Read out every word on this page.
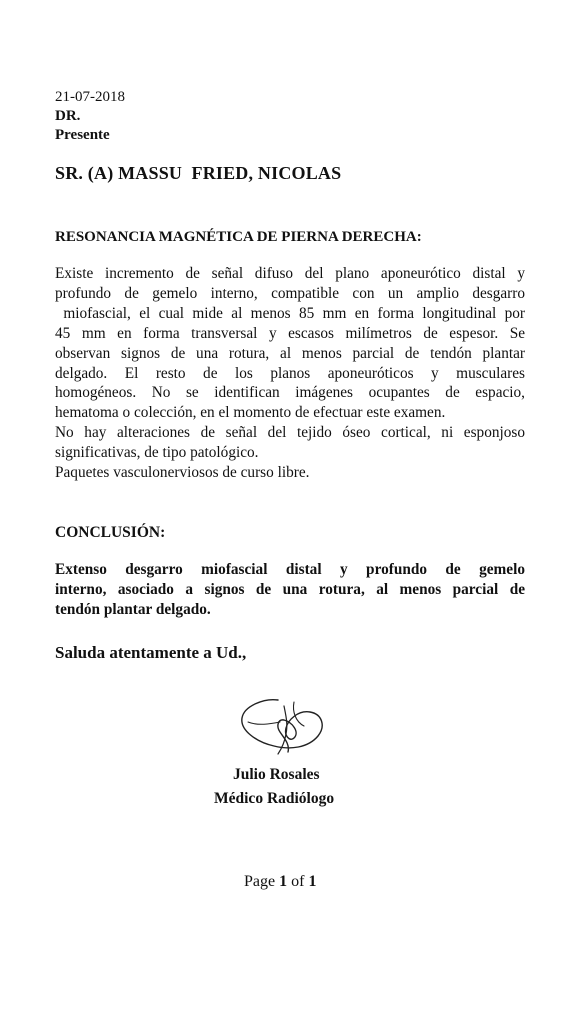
21-07-2018
DR.
Presente
SR. (A) MASSU  FRIED, NICOLAS
RESONANCIA MAGNÉTICA DE PIERNA DERECHA:
Existe incremento de señal difuso del plano aponeurótico distal y
profundo de gemelo interno, compatible con un amplio desgarro
miofascial, el cual mide al menos 85 mm en forma longitudinal por
45 mm en forma transversal y escasos milímetros de espesor. Se
observan signos de una rotura, al menos parcial de tendón plantar
delgado. El resto de los planos aponeuróticos y musculares
homogéneos. No se identifican imágenes ocupantes de espacio,
hematoma o colección, en el momento de efectuar este examen.
No hay alteraciones de señal del tejido óseo cortical, ni esponjoso
significativas, de tipo patológico.
Paquetes vasculonerviosos de curso libre.
CONCLUSIÓN:
Extenso desgarro miofascial distal y profundo de gemelo
interno, asociado a signos de una rotura, al menos parcial de
tendón plantar delgado.
Saluda atentamente a Ud.,
Julio Rosales
Médico Radiólogo
Page 1 of 1
